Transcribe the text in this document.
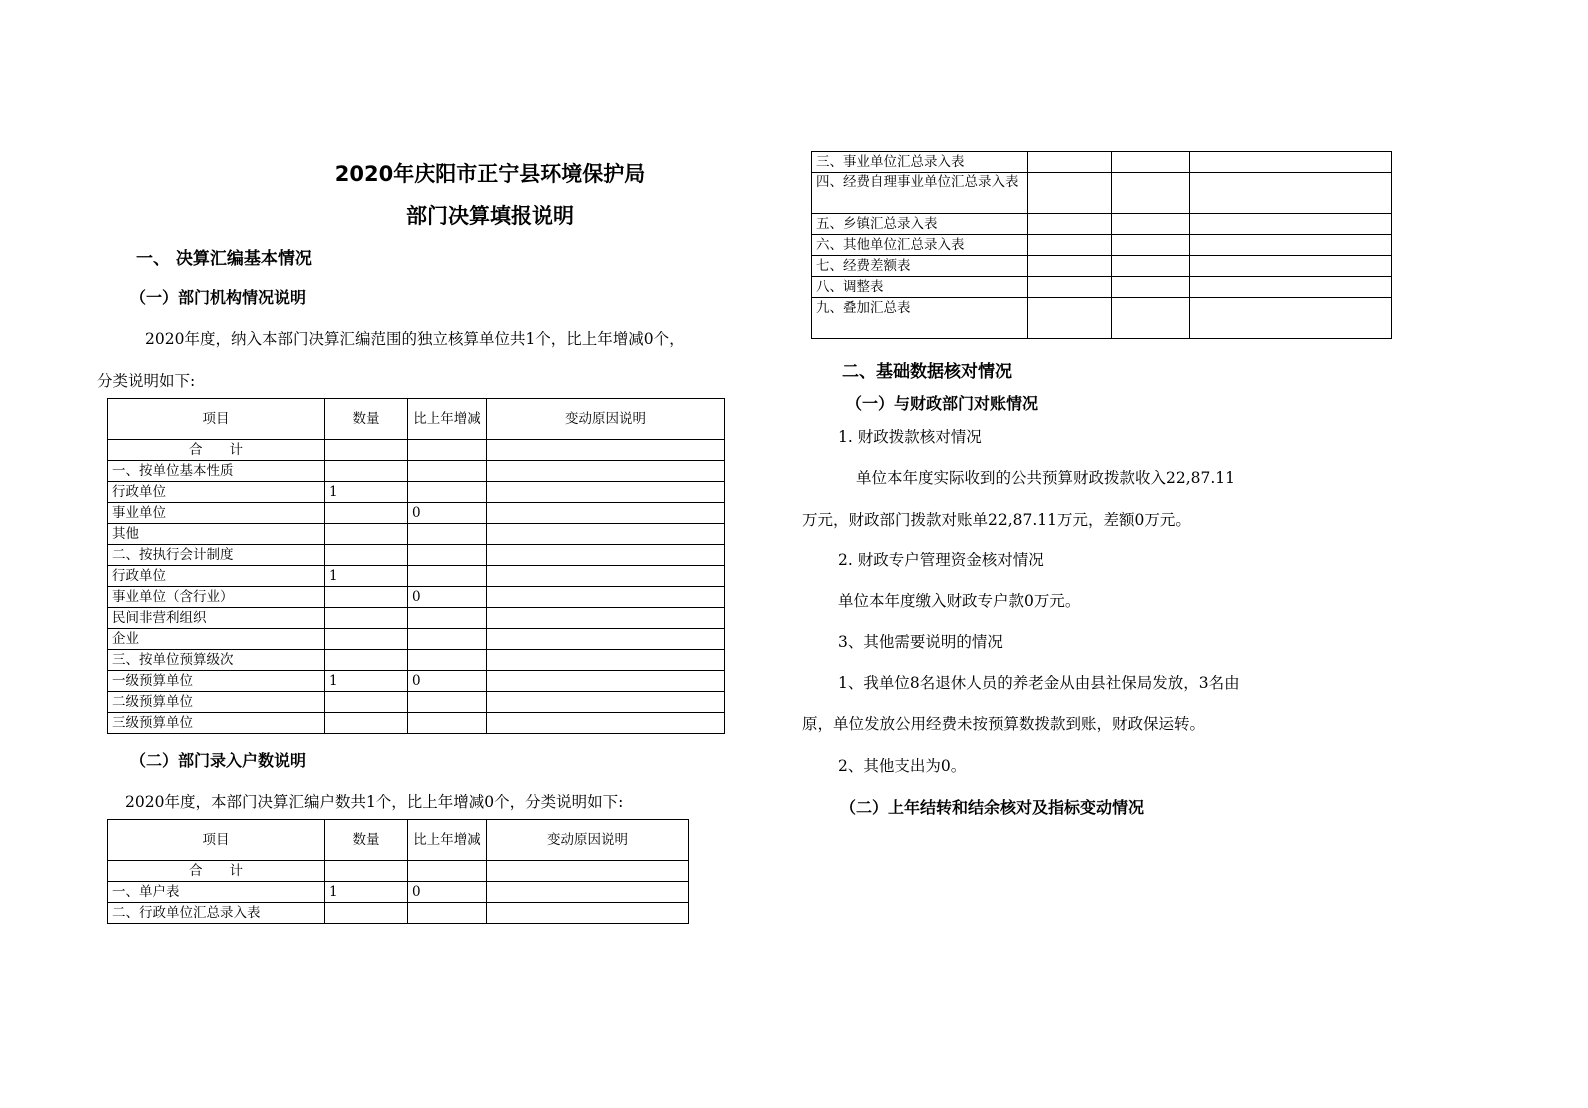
2020年庆阳市正宁县环境保护局
部门决算填报说明
一、 决算汇编基本情况
（一）部门机构情况说明
2020年度，纳入本部门决算汇编范围的独立核算单位共1个，比上年增减0个，
分类说明如下:
项目	数量	比上年增减	变动原因说明
合　　计			
一、按单位基本性质			
行政单位	1		
事业单位		0	
其他			
二、按执行会计制度			
行政单位	1		
事业单位（含行业）		0	
民间非营利组织			
企业			
三、按单位预算级次			
一级预算单位	1	0	
二级预算单位			
三级预算单位			
（二）部门录入户数说明
2020年度，本部门决算汇编户数共1个，比上年增减0个，分类说明如下:
项目	数量	比上年增减	变动原因说明
合　　计			
一、单户表	1	0	
二、行政单位汇总录入表			
三、事业单位汇总录入表			
四、经费自理事业单位汇总录入表			
五、乡镇汇总录入表			
六、其他单位汇总录入表			
七、经费差额表			
八、调整表			
九、叠加汇总表			
二、基础数据核对情况
（一）与财政部门对账情况
1. 财政拨款核对情况
单位本年度实际收到的公共预算财政拨款收入22,87.11
万元，财政部门拨款对账单22,87.11万元，差额0万元。
2. 财政专户管理资金核对情况
单位本年度缴入财政专户款0万元。
3、其他需要说明的情况
1、我单位8名退休人员的养老金从由县社保局发放，3名由
原，单位发放公用经费未按预算数拨款到账，财政保运转。
2、其他支出为0。
（二）上年结转和结余核对及指标变动情况
